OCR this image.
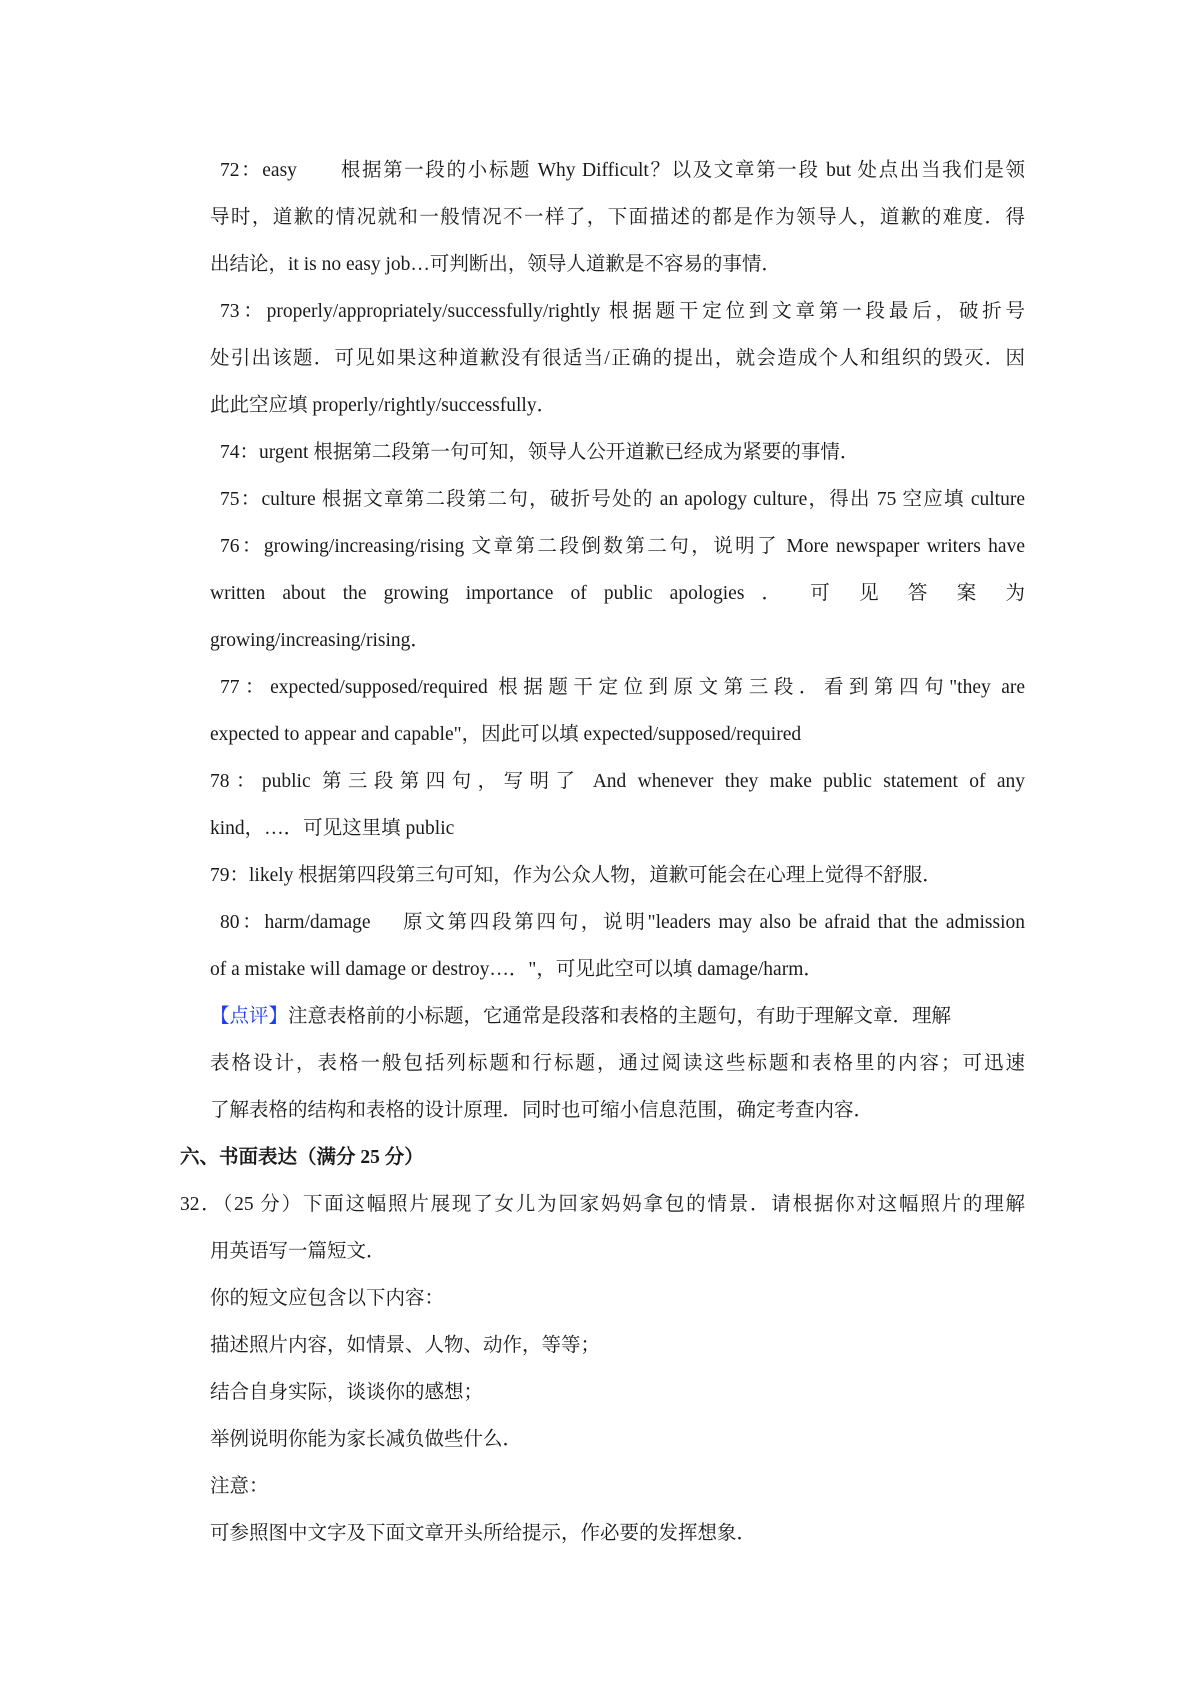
72：easy　　根据第一段的小标题 Why Difficult？以及文章第一段 but 处点出当我们是领
导时，道歉的情况就和一般情况不一样了，下面描述的都是作为领导人，道歉的难度．得
出结论，it is no easy job…可判断出，领导人道歉是不容易的事情．
73：properly/appropriately/successfully/rightly 根据题干定位到文章第一段最后，破折号
处引出该题．可见如果这种道歉没有很适当/正确的提出，就会造成个人和组织的毁灭．因
此此空应填 properly/rightly/successfully．
74：urgent 根据第二段第一句可知，领导人公开道歉已经成为紧要的事情．
75：culture 根据文章第二段第二句，破折号处的 an apology culture，得出 75 空应填 culture
76：growing/increasing/rising 文章第二段倒数第二句，说明了 More newspaper writers have
written about the growing importance of public apologies ． 可 见 答 案 为
growing/increasing/rising．
77：expected/supposed/required 根据题干定位到原文第三段．看到第四句"they are
expected to appear and capable"，因此可以填 expected/supposed/required
78：public 第三段第四句，写明了 And whenever they make public statement of any
kind，…．可见这里填 public
79：likely 根据第四段第三句可知，作为公众人物，道歉可能会在心理上觉得不舒服．
80：harm/damage　 原文第四段第四句，说明"leaders may also be afraid that the admission
of a mistake will damage or destroy…．"，可见此空可以填 damage/harm．
【点评】注意表格前的小标题，它通常是段落和表格的主题句，有助于理解文章．理解
表格设计，表格一般包括列标题和行标题，通过阅读这些标题和表格里的内容；可迅速
了解表格的结构和表格的设计原理．同时也可缩小信息范围，确定考查内容．
六、书面表达（满分 25 分）
32．（25 分）下面这幅照片展现了女儿为回家妈妈拿包的情景．请根据你对这幅照片的理解
用英语写一篇短文．
你的短文应包含以下内容：
描述照片内容，如情景、人物、动作，等等；
结合自身实际，谈谈你的感想；
举例说明你能为家长减负做些什么．
注意：
可参照图中文字及下面文章开头所给提示，作必要的发挥想象．
